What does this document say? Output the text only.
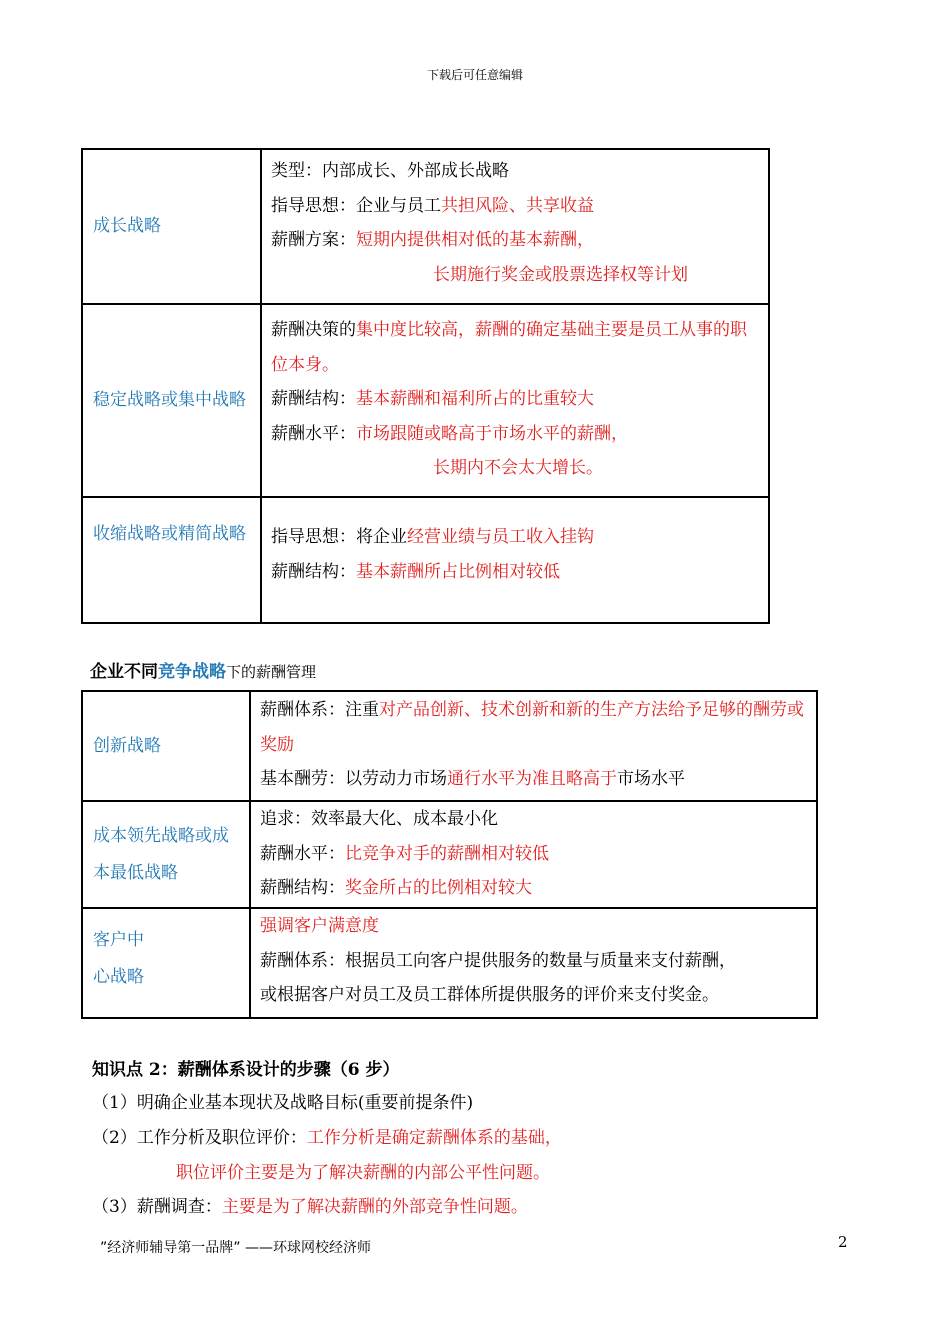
下载后可任意编辑
成长战略	类型：内部成长、外部成长战略
指导思想：企业与员工共担风险、共享收益
薪酬方案：短期内提供相对低的基本薪酬，
长期施行奖金或股票选择权等计划

稳定战略或集中战略	薪酬决策的集中度比较高，薪酬的确定基础主要是员工从事的职位本身。
薪酬结构：基本薪酬和福利所占的比重较大
薪酬水平：市场跟随或略高于市场水平的薪酬，
长期内不会太大增长。

收缩战略或精简战略	指导思想：将企业经营业绩与员工收入挂钩
薪酬结构：基本薪酬所占比例相对较低
企业不同竞争战略下的薪酬管理
创新战略	薪酬体系：注重对产品创新、技术创新和新的生产方法给予足够的酬劳或奖励
基本酬劳：以劳动力市场通行水平为准且略高于市场水平

成本领先战略或成本最低战略	追求：效率最大化、成本最小化
薪酬水平：比竞争对手的薪酬相对较低
薪酬结构：奖金所占的比例相对较大

客户中心战略	强调客户满意度
薪酬体系：根据员工向客户提供服务的数量与质量来支付薪酬，
或根据客户对员工及员工群体所提供服务的评价来支付奖金。
知识点 2：薪酬体系设计的步骤（6 步）
（1）明确企业基本现状及战略目标(重要前提条件)
（2）工作分析及职位评价：工作分析是确定薪酬体系的基础，
职位评价主要是为了解决薪酬的内部公平性问题。
（3）薪酬调查：主要是为了解决薪酬的外部竞争性问题。
”经济师辅导第一品牌” ——环球网校经济师	2
